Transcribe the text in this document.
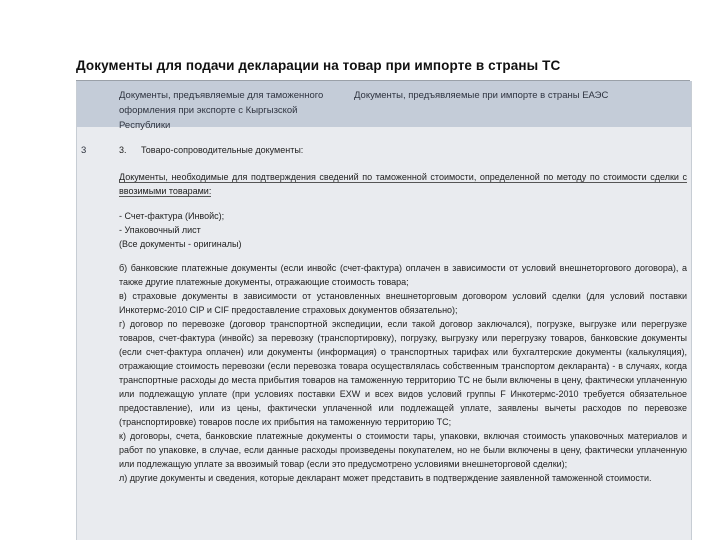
Документы для подачи декларации на товар при импорте в страны ТС
Документы, предъявляемые для таможенного оформления при экспорте с Кыргызской Республики
Документы, предъявляемые при импорте в страны ЕАЭС
3	3. Товаро-сопроводительные документы:
Документы, необходимые для подтверждения сведений по таможенной стоимости, определенной по методу по стоимости сделки с ввозимыми товарами:
- Счет-фактура (Инвойс);
- Упаковочный лист
(Все документы - оригиналы)

б) банковские платежные документы (если инвойс (счет-фактура) оплачен в зависимости от условий внешнеторгового договора), а также другие платежные документы, отражающие стоимость товара;

в) страховые документы в зависимости от установленных внешнеторговым договором условий сделки (для условий поставки Инкотермс-2010 CIP и CIF предоставление страховых документов обязательно);

г) договор по перевозке (договор транспортной экспедиции, если такой договор заключался), погрузке, выгрузке или перегрузке товаров, счет-фактура (инвойс) за перевозку (транспортировку), погрузку, выгрузку или перегрузку товаров, банковские документы (если счет-фактура оплачен) или документы (информация) о транспортных тарифах или бухгалтерские документы (калькуляция), отражающие стоимость перевозки (если перевозка товара осуществлялась собственным транспортом декларанта) - в случаях, когда транспортные расходы до места прибытия товаров на таможенную территорию ТС не были включены в цену, фактически уплаченную или подлежащую уплате (при условиях поставки EXW и всех видов условий группы F Инкотермс-2010 требуется обязательное предоставление), или из цены, фактически уплаченной или подлежащей уплате, заявлены вычеты расходов по перевозке (транспортировке) товаров после их прибытия на таможенную территорию ТС;

к) договоры, счета, банковские платежные документы о стоимости тары, упаковки, включая стоимость упаковочных материалов и работ по упаковке, в случае, если данные расходы произведены покупателем, но не были включены в цену, фактически уплаченную или подлежащую уплате за ввозимый товар (если это предусмотрено условиями внешнеторговой сделки);

л) другие документы и сведения, которые декларант может представить в подтверждение заявленной таможенной стоимости.
